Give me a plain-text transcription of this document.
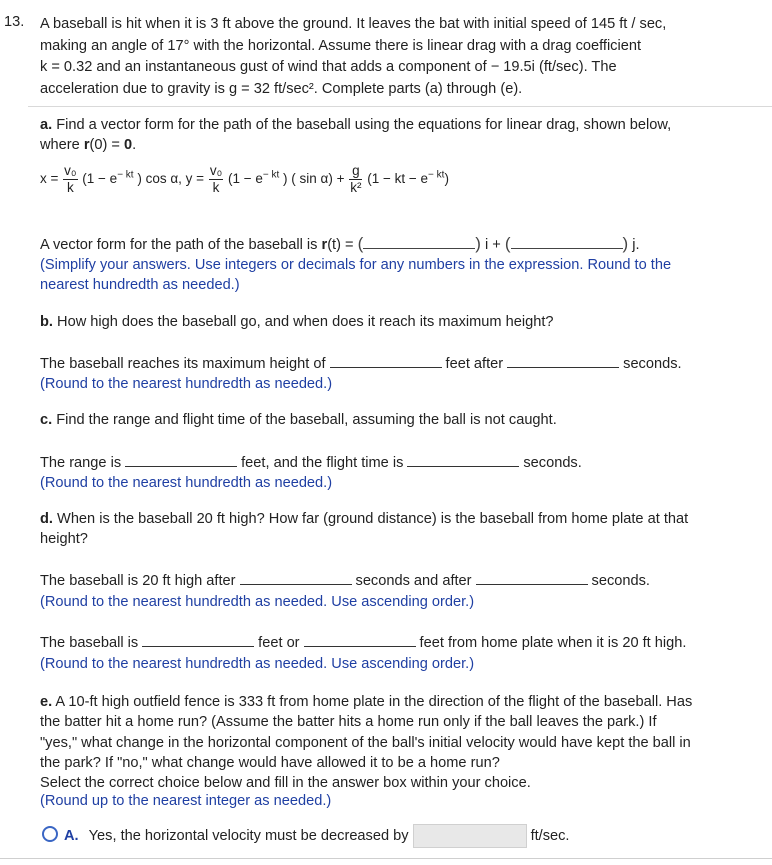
13. A baseball is hit when it is 3 ft above the ground. It leaves the bat with initial speed of 145 ft / sec,
making an angle of 17° with the horizontal. Assume there is linear drag with a drag coefficient
k = 0.32 and an instantaneous gust of wind that adds a component of − 19.5i (ft/sec). The
acceleration due to gravity is g = 32 ft/sec². Complete parts (a) through (e).
a. Find a vector form for the path of the baseball using the equations for linear drag, shown below,
where r(0) = 0.
$x = \frac{\text{v₀}}{k} (1 - e^{- kt}$ ) cos α, $y = \frac{\text{v₀}}{k} (1 - e^{- kt}$ ) ( $\sin \alpha) + \frac{g}{\text{k²}} (1$ − kt − $e^{- kt}$)
A vector form for the path of the baseball is r(t) = (	) i + (	) j.
(Simplify your answers. Use integers or decimals for any numbers in the expression. Round to the
nearest hundredth as needed.)
b. How high does the baseball go, and when does it reach its maximum height?
The baseball reaches its maximum height of	feet after	seconds.
(Round to the nearest hundredth as needed.)
c. Find the range and flight time of the baseball, assuming the ball is not caught.
The range is	feet, and the flight time is	seconds.
(Round to the nearest hundredth as needed.)
d. When is the baseball 20 ft high? How far (ground distance) is the baseball from home plate at that
height?
The baseball is 20 ft high after	seconds and after	seconds.
(Round to the nearest hundredth as needed. Use ascending order.)
The baseball is	feet or	feet from home plate when it is 20 ft high.
(Round to the nearest hundredth as needed. Use ascending order.)
e. A 10-ft high outfield fence is 333 ft from home plate in the direction of the flight of the baseball. Has
the batter hit a home run? (Assume the batter hits a home run only if the ball leaves the park.) If
"yes," what change in the horizontal component of the ball's initial velocity would have kept the ball in
the park? If "no," what change would have allowed it to be a home run?
Select the correct choice below and fill in the answer box within your choice.
(Round up to the nearest integer as needed.)
A. Yes, the horizontal velocity must be decreased by	ft/sec.
